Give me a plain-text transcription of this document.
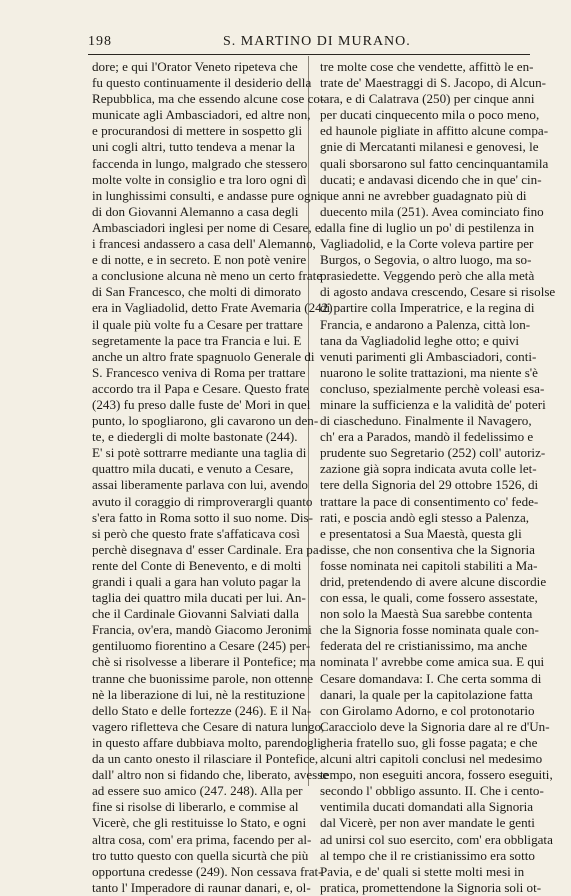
198	S. MARTINO DI MURANO.
dore; e qui l'Orator Veneto ripeteva che
fu questo continuamente il desiderio della
Repubblica, ma che essendo alcune cose co-
municate agli Ambasciadori, ed altre non,
e procurandosi di mettere in sospetto gli
uni cogli altri, tutto tendeva a menar la
faccenda in lungo, malgrado che stessero
molte volte in consiglio e tra loro ogni dì
in lunghissimi consulti, e andasse pure ogni
di don Giovanni Alemanno a casa degli
Ambasciadori inglesi per nome di Cesare, e
i francesi andassero a casa dell' Alemanno,
e di notte, e in secreto. E non potè venire
a conclusione alcuna nè meno un certo frate
di San Francesco, che molti di dimorato
era in Vagliadolid, detto Frate Avemaria (242)
il quale più volte fu a Cesare per trattare
segretamente la pace tra Francia e lui. E
anche un altro frate spagnuolo Generale di
S. Francesco veniva di Roma per trattare
accordo tra il Papa e Cesare. Questo frate
(243) fu preso dalle fuste de' Mori in quel
punto, lo spogliarono, gli cavarono un den-
te, e diedergli di molte bastonate (244).
E' si potè sottrarre mediante una taglia di
quattro mila ducati, e venuto a Cesare,
assai liberamente parlava con lui, avendo
avuto il coraggio di rimproverargli quanto
s'era fatto in Roma sotto il suo nome. Dis-
si però che questo frate s'affaticava così
perchè disegnava d' esser Cardinale. Era pa-
rente del Conte di Benevento, e di molti
grandi i quali a gara han voluto pagar la
taglia dei quattro mila ducati per lui. An-
che il Cardinale Giovanni Salviati dalla
Francia, ov'era, mandò Giacomo Jeronimi
gentiluomo fiorentino a Cesare (245) per-
chè si risolvesse a liberare il Pontefice; ma
tranne che buonissime parole, non ottenne
nè la liberazione di lui, nè la restituzione
dello Stato e delle fortezze (246). E il Na-
vagero rifletteva che Cesare di natura lungo,
in questo affare dubbiava molto, parendogli
da un canto onesto il rilasciare il Pontefice,
dall' altro non si fidando che, liberato, avesse
ad essere suo amico (247. 248). Alla per
fine si risolse di liberarlo, e commise al
Vicerè, che gli restituisse lo Stato, e ogni
altra cosa, com' era prima, facendo per al-
tro tutto questo con quella sicurtà che più
opportuna credesse (249). Non cessava frat-
tanto l' Imperadore di raunar danari, e, ol-
tre molte cose che vendette, affittò le en-
trate de' Maestraggi di S. Jacopo, di Alcun-
tara, e di Calatrava (250) per cinque anni
per ducati cinquecento mila o poco meno,
ed haunole pigliate in affitto alcune compa-
gnie di Mercatanti milanesi e genovesi, le
quali sborsarono sul fatto cencinquantamila
ducati; e andavasi dicendo che in que' cin-
que anni ne avrebber guadagnato più di
duecento mila (251). Avea cominciato fino
dalla fine di luglio un po' di pestilenza in
Vagliadolid, e la Corte voleva partire per
Burgos, o Segovia, o altro luogo, ma so-
prasiedette. Veggendo però che alla metà
di agosto andava crescendo, Cesare si risolse
di partire colla Imperatrice, e la regina di
Francia, e andarono a Palenza, città lon-
tana da Vagliadolid leghe otto; e quivi
venuti parimenti gli Ambasciadori, conti-
nuarono le solite trattazioni, ma niente s'è
concluso, spezialmente perchè voleasi esa-
minare la sufficienza e la validità de' poteri
di ciascheduno. Finalmente il Navagero,
ch' era a Parados, mandò il fedelissimo e
prudente suo Segretario (252) coll' autoriz-
zazione già sopra indicata avuta colle let-
tere della Signoria del 29 ottobre 1526, di
trattare la pace di consentimento co' fede-
rati, e poscia andò egli stesso a Palenza,
e presentatosi a Sua Maestà, questa gli
disse, che non consentiva che la Signoria
fosse nominata nei capitoli stabiliti a Ma-
drid, pretendendo di avere alcune discordie
con essa, le quali, come fossero assestate,
non solo la Maestà Sua sarebbe contenta
che la Signoria fosse nominata quale con-
federata del re cristianissimo, ma anche
nominata l' avrebbe come amica sua. E qui
Cesare domandava: I. Che certa somma di
danari, la quale per la capitolazione fatta
con Girolamo Adorno, e col protonotario
Caracciolo deve la Signoria dare al re d'Un-
gheria fratello suo, gli fosse pagata; e che
alcuni altri capitoli conclusi nel medesimo
tempo, non eseguiti ancora, fossero eseguiti,
secondo l' obbligo assunto. II. Che i cento-
ventimila ducati domandati alla Signoria
dal Vicerè, per non aver mandate le genti
ad unirsi col suo esercito, com' era obbligata
al tempo che il re cristianissimo era sotto
Pavia, e de' quali si stette molti mesi in
pratica, promettendone la Signoria soli ot-
